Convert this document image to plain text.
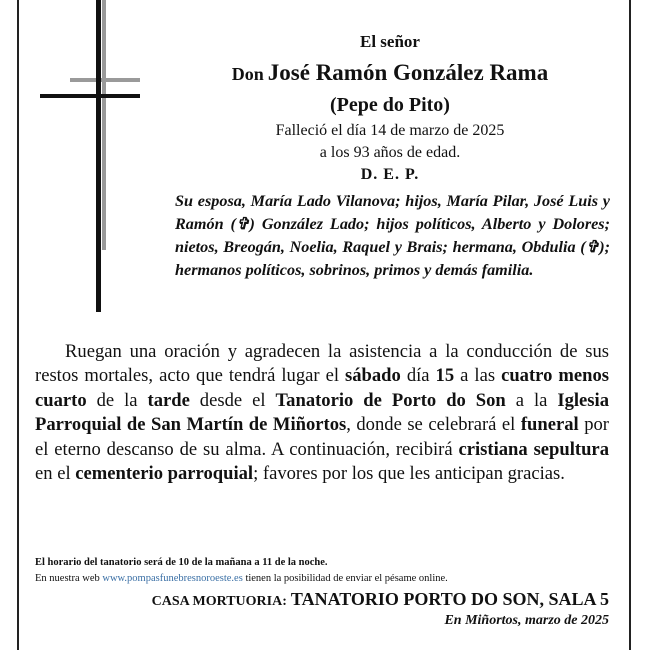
El señor
Don José Ramón González Rama
(Pepe do Pito)
Falleció el día 14 de marzo de 2025
a los 93 años de edad.
D. E. P.
Su esposa, María Lado Vilanova; hijos, María Pilar, José Luis y Ramón (✞) González Lado; hijos políticos, Alberto y Dolores; nietos, Breogán, Noelia, Raquel y Brais; hermana, Obdulia (✞); hermanos políticos, sobrinos, primos y demás familia.
Ruegan una oración y agradecen la asistencia a la conducción de sus restos mortales, acto que tendrá lugar el sábado día 15 a las cuatro menos cuarto de la tarde desde el Tanatorio de Porto do Son a la Iglesia Parroquial de San Martín de Miñortos, donde se celebrará el funeral por el eterno descanso de su alma. A continuación, recibirá cristiana sepultura en el cementerio parroquial; favores por los que les anticipan gracias.
El horario del tanatorio será de 10 de la mañana a 11 de la noche.
En nuestra web www.pompasfunebresnoroeste.es tienen la posibilidad de enviar el pésame online.
CASA MORTUORIA: TANATORIO PORTO DO SON, SALA 5
En Miñortos, marzo de 2025
